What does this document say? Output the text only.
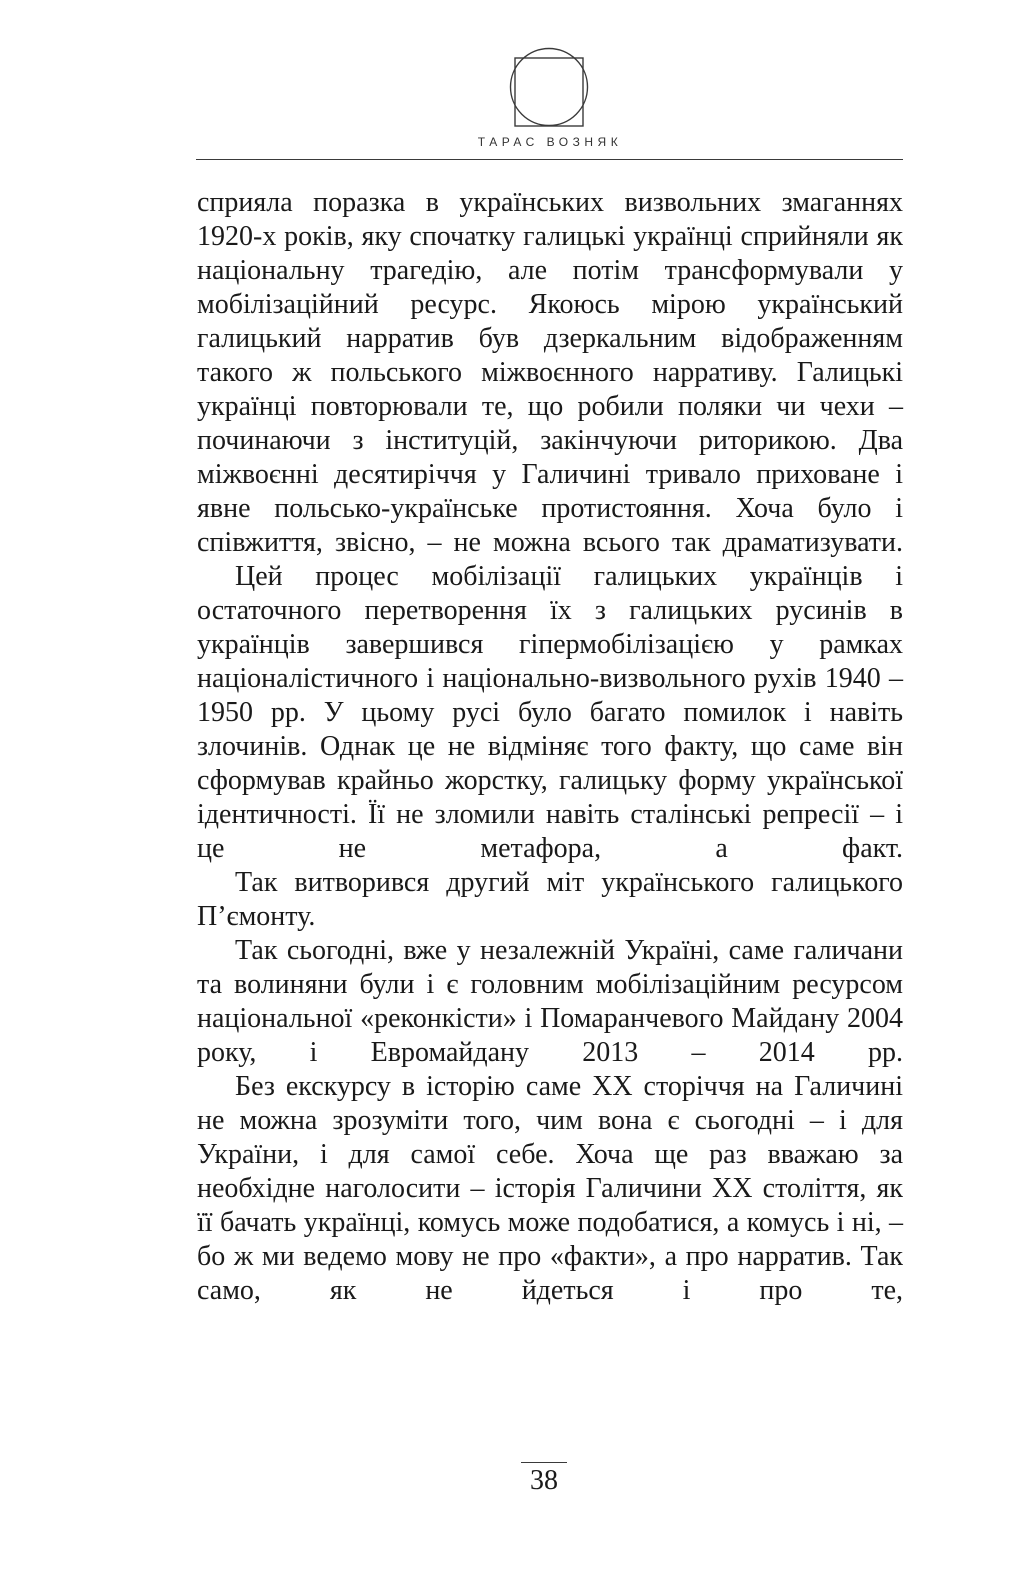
ТАРАС ВОЗНЯК

сприяла поразка в українських визвольних змаганнях 1920-х років, яку спочатку галицькі українці сприйняли як національну трагедію, але потім трансформували у мобілізаційний ресурс. Якоюсь мірою український галицький нарратив був дзеркальним відображенням такого ж польського міжвоєнного нарративу. Галицькі українці повторювали те, що робили поляки чи чехи – починаючи з інституцій, закінчуючи риторикою. Два міжвоєнні десятиріччя у Галичині тривало приховане і явне польсько-українське протистояння. Хоча було і співжиття, звісно, – не можна всього так драматизувати.

Цей процес мобілізації галицьких українців і остаточного перетворення їх з галицьких русинів в українців завершився гіпермобілізацією у рамках націоналістичного і національно-визвольного рухів 1940 – 1950 рр. У цьому русі було багато помилок і навіть злочинів. Однак це не відміняє того факту, що саме він сформував крайньо жорстку, галицьку форму української ідентичності. Її не зломили навіть сталінські репресії – і це не метафора, а факт.

Так витворився другий міт українського галицького П’ємонту.

Так сьогодні, вже у незалежній Україні, саме галичани та волиняни були і є головним мобілізаційним ресурсом національної «реконкісти» і Помаранчевого Майдану 2004 року, і Евромайдану 2013 – 2014 рр.

Без екскурсу в історію саме ХХ сторіччя на Галичині не можна зрозуміти того, чим вона є сьогодні – і для України, і для самої себе. Хоча ще раз вважаю за необхідне наголосити – історія Галичини ХХ століття, як її бачать українці, комусь може подобатися, а комусь і ні, – бо ж ми ведемо мову не про «факти», а про нарратив. Так само, як не йдеться і про те,

38
